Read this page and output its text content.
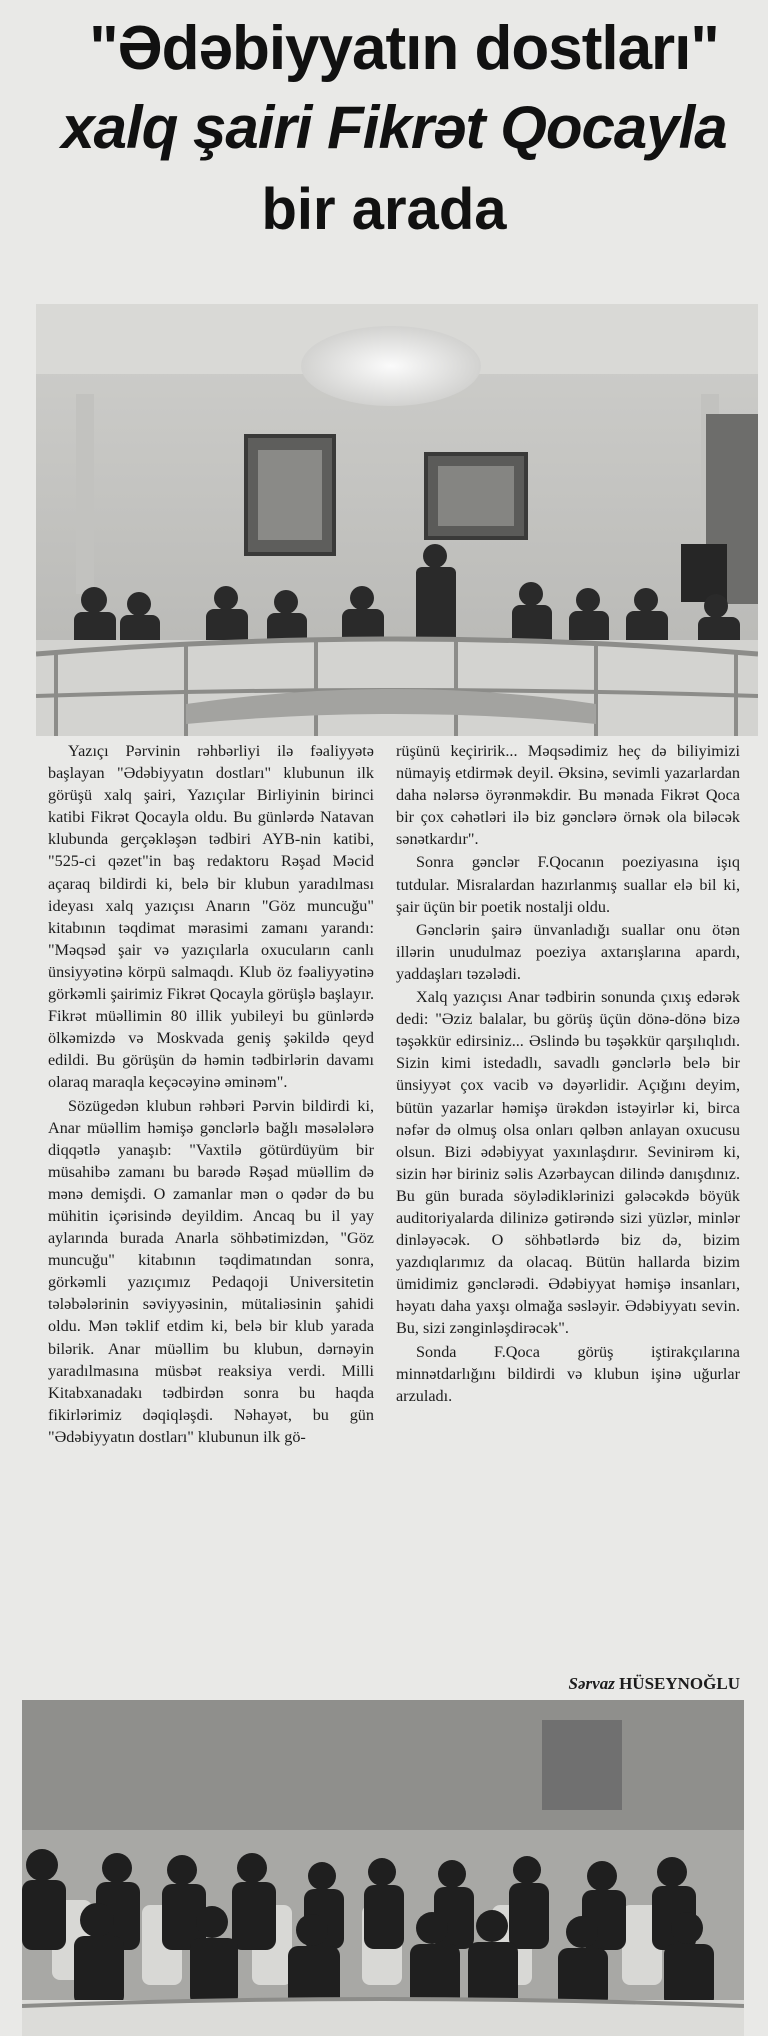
"Ədəbiyyatın dostları"
xalq şairi Fikrət Qocayla
bir arada

Yazıçı Pərvinin rəhbərliyi ilə fəaliyyətə başlayan "Ədəbiyyatın dostları" klubunun ilk görüşü xalq şairi, Yazıçılar Birliyinin birinci katibi Fikrət Qocayla oldu. Bu günlərdə Natavan klubunda gerçəkləşən tədbiri AYB-nin katibi, "525-ci qəzet"in baş redaktoru Rəşad Məcid açaraq bildirdi ki, belə bir klubun yaradılması ideyası xalq yazıçısı Anarın "Göz muncuğu" kitabının təqdimat mərasimi zamanı yarandı: "Məqsəd şair və yazıçılarla oxucuların canlı ünsiyyətinə körpü salmaqdı. Klub öz fəaliyyətinə görkəmli şairimiz Fikrət Qocayla görüşlə başlayır. Fikrət müəllimin 80 illik yubileyi bu günlərdə ölkəmizdə və Moskvada geniş şəkildə qeyd edildi. Bu görüşün də həmin tədbirlərin davamı olaraq maraqla keçəcəyinə əminəm".

Sözügedən klubun rəhbəri Pərvin bildirdi ki, Anar müəllim həmişə gənclərlə bağlı məsələlərə diqqətlə yanaşıb: "Vaxtilə götürdüyüm bir müsahibə zamanı bu barədə Rəşad müəllim də mənə demişdi. O zamanlar mən o qədər də bu mühitin içərisində deyildim. Ancaq bu il yay aylarında burada Anarla söhbətimizdən, "Göz muncuğu" kitabının təqdimatından sonra, görkəmli yazıçımız Pedaqoji Universitetin tələbələrinin səviyyəsinin, mütaliəsinin şahidi oldu. Mən təklif etdim ki, belə bir klub yarada bilərik. Anar müəllim bu klubun, dərnəyin yaradılmasına müsbət reaksiya verdi. Milli Kitabxanadakı tədbirdən sonra bu haqda fikirlərimiz dəqiqləşdi. Nəhayət, bu gün "Ədəbiyyatın dostları" klubunun ilk gö-

rüşünü keçiririk... Məqsədimiz heç də biliyimizi nümayiş etdirmək deyil. Əksinə, sevimli yazarlardan daha nələrsə öyrənməkdir. Bu mənada Fikrət Qoca bir çox cəhətləri ilə biz gənclərə örnək ola biləcək sənətkardır".

Sonra gənclər F.Qocanın poeziyasına işıq tutdular. Misralardan hazırlanmış suallar elə bil ki, şair üçün bir poetik nostalji oldu.

Gənclərin şairə ünvanladığı suallar onu ötən illərin unudulmaz poeziya axtarışlarına apardı, yaddaşları təzələdi.

Xalq yazıçısı Anar tədbirin sonunda çıxış edərək dedi: "Əziz balalar, bu görüş üçün dönə-dönə bizə təşəkkür edirsiniz... Əslində bu təşəkkür qarşılıqlıdı. Sizin kimi istedadlı, savadlı gənclərlə belə bir ünsiyyət çox vacib və dəyərlidir. Açığını deyim, bütün yazarlar həmişə ürəkdən istəyirlər ki, birca nəfər də olmuş olsa onları qəlbən anlayan oxucusu olsun. Bizi ədəbiyyat yaxınlaşdırır. Sevinirəm ki, sizin hər biriniz səlis Azərbaycan dilində danışdınız. Bu gün burada söylədiklərinizi gələcəkdə böyük auditoriyalarda dilinizə gətirəndə sizi yüzlər, minlər dinləyəcək. O söhbətlərdə biz də, bizim yazdıqlarımız da olacaq. Bütün hallarda bizim ümidimiz gənclərədi. Ədəbiyyat həmişə insanları, həyatı daha yaxşı olmağa səsləyir. Ədəbiyyatı sevin. Bu, sizi zənginləşdirəcək".

Sonda F.Qoca görüş iştirakçılarına minnətdarlığını bildirdi və klubun işinə uğurlar arzuladı.

Sərvaz HÜSEYNOĞLU
